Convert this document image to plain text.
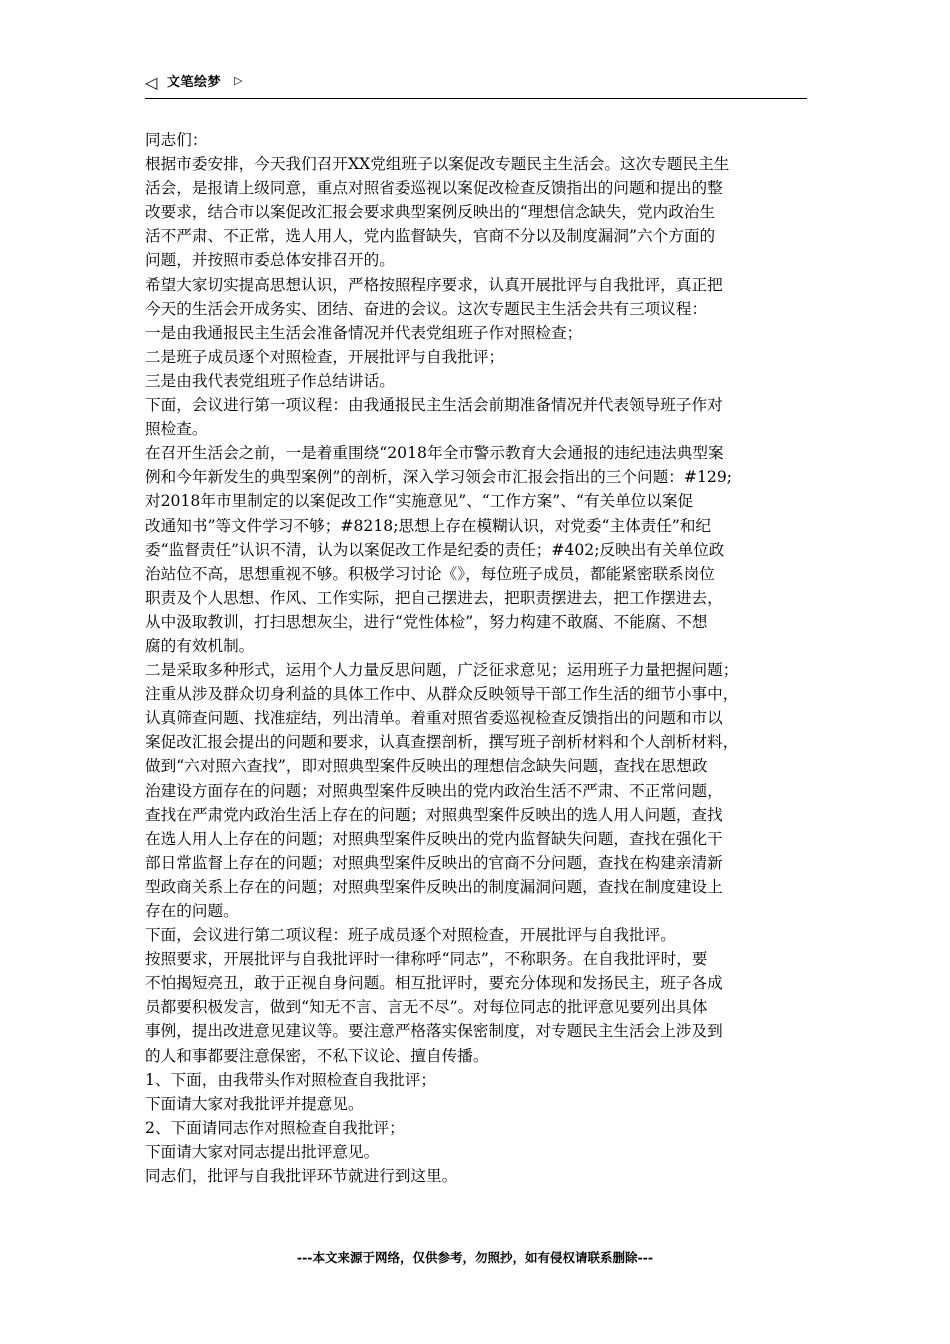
◁ 文笔绘梦 ▷
同志们：
根据市委安排，今天我们召开XX党组班子以案促改专题民主生活会。这次专题民主生
活会，是报请上级同意，重点对照省委巡视以案促改检查反馈指出的问题和提出的整
改要求，结合市以案促改汇报会要求典型案例反映出的“理想信念缺失，党内政治生
活不严肃、不正常，选人用人，党内监督缺失，官商不分以及制度漏洞”六个方面的
问题，并按照市委总体安排召开的。
希望大家切实提高思想认识，严格按照程序要求，认真开展批评与自我批评，真正把
今天的生活会开成务实、团结、奋进的会议。这次专题民主生活会共有三项议程：
一是由我通报民主生活会准备情况并代表党组班子作对照检查；
二是班子成员逐个对照检查，开展批评与自我批评；
三是由我代表党组班子作总结讲话。
下面，会议进行第一项议程：由我通报民主生活会前期准备情况并代表领导班子作对
照检查。
在召开生活会之前，一是着重围绕“2018年全市警示教育大会通报的违纪违法典型案
例和今年新发生的典型案例”的剖析，深入学习领会市汇报会指出的三个问题：#129;
对2018年市里制定的以案促改工作“实施意见”、“工作方案”、“有关单位以案促
改通知书”等文件学习不够；#8218;思想上存在模糊认识，对党委“主体责任”和纪
委“监督责任”认识不清，认为以案促改工作是纪委的责任；#402;反映出有关单位政
治站位不高，思想重视不够。积极学习讨论《》，每位班子成员，都能紧密联系岗位
职责及个人思想、作风、工作实际，把自己摆进去，把职责摆进去，把工作摆进去，
从中汲取教训，打扫思想灰尘，进行“党性体检”，努力构建不敢腐、不能腐、不想
腐的有效机制。
二是采取多种形式，运用个人力量反思问题，广泛征求意见；运用班子力量把握问题；
注重从涉及群众切身利益的具体工作中、从群众反映领导干部工作生活的细节小事中，
认真筛查问题、找准症结，列出清单。着重对照省委巡视检查反馈指出的问题和市以
案促改汇报会提出的问题和要求，认真查摆剖析，撰写班子剖析材料和个人剖析材料，
做到“六对照六查找”，即对照典型案件反映出的理想信念缺失问题，查找在思想政
治建设方面存在的问题；对照典型案件反映出的党内政治生活不严肃、不正常问题，
查找在严肃党内政治生活上存在的问题；对照典型案件反映出的选人用人问题，查找
在选人用人上存在的问题；对照典型案件反映出的党内监督缺失问题，查找在强化干
部日常监督上存在的问题；对照典型案件反映出的官商不分问题，查找在构建亲清新
型政商关系上存在的问题；对照典型案件反映出的制度漏洞问题，查找在制度建设上
存在的问题。
下面，会议进行第二项议程：班子成员逐个对照检查，开展批评与自我批评。
按照要求，开展批评与自我批评时一律称呼“同志”，不称职务。在自我批评时，要
不怕揭短亮丑，敢于正视自身问题。相互批评时，要充分体现和发扬民主，班子各成
员都要积极发言，做到“知无不言、言无不尽”。对每位同志的批评意见要列出具体
事例，提出改进意见建议等。要注意严格落实保密制度，对专题民主生活会上涉及到
的人和事都要注意保密，不私下议论、擅自传播。
1、下面，由我带头作对照检查自我批评；
下面请大家对我批评并提意见。
2、下面请同志作对照检查自我批评；
下面请大家对同志提出批评意见。
同志们，批评与自我批评环节就进行到这里。
---本文来源于网络，仅供参考，勿照抄，如有侵权请联系删除---
